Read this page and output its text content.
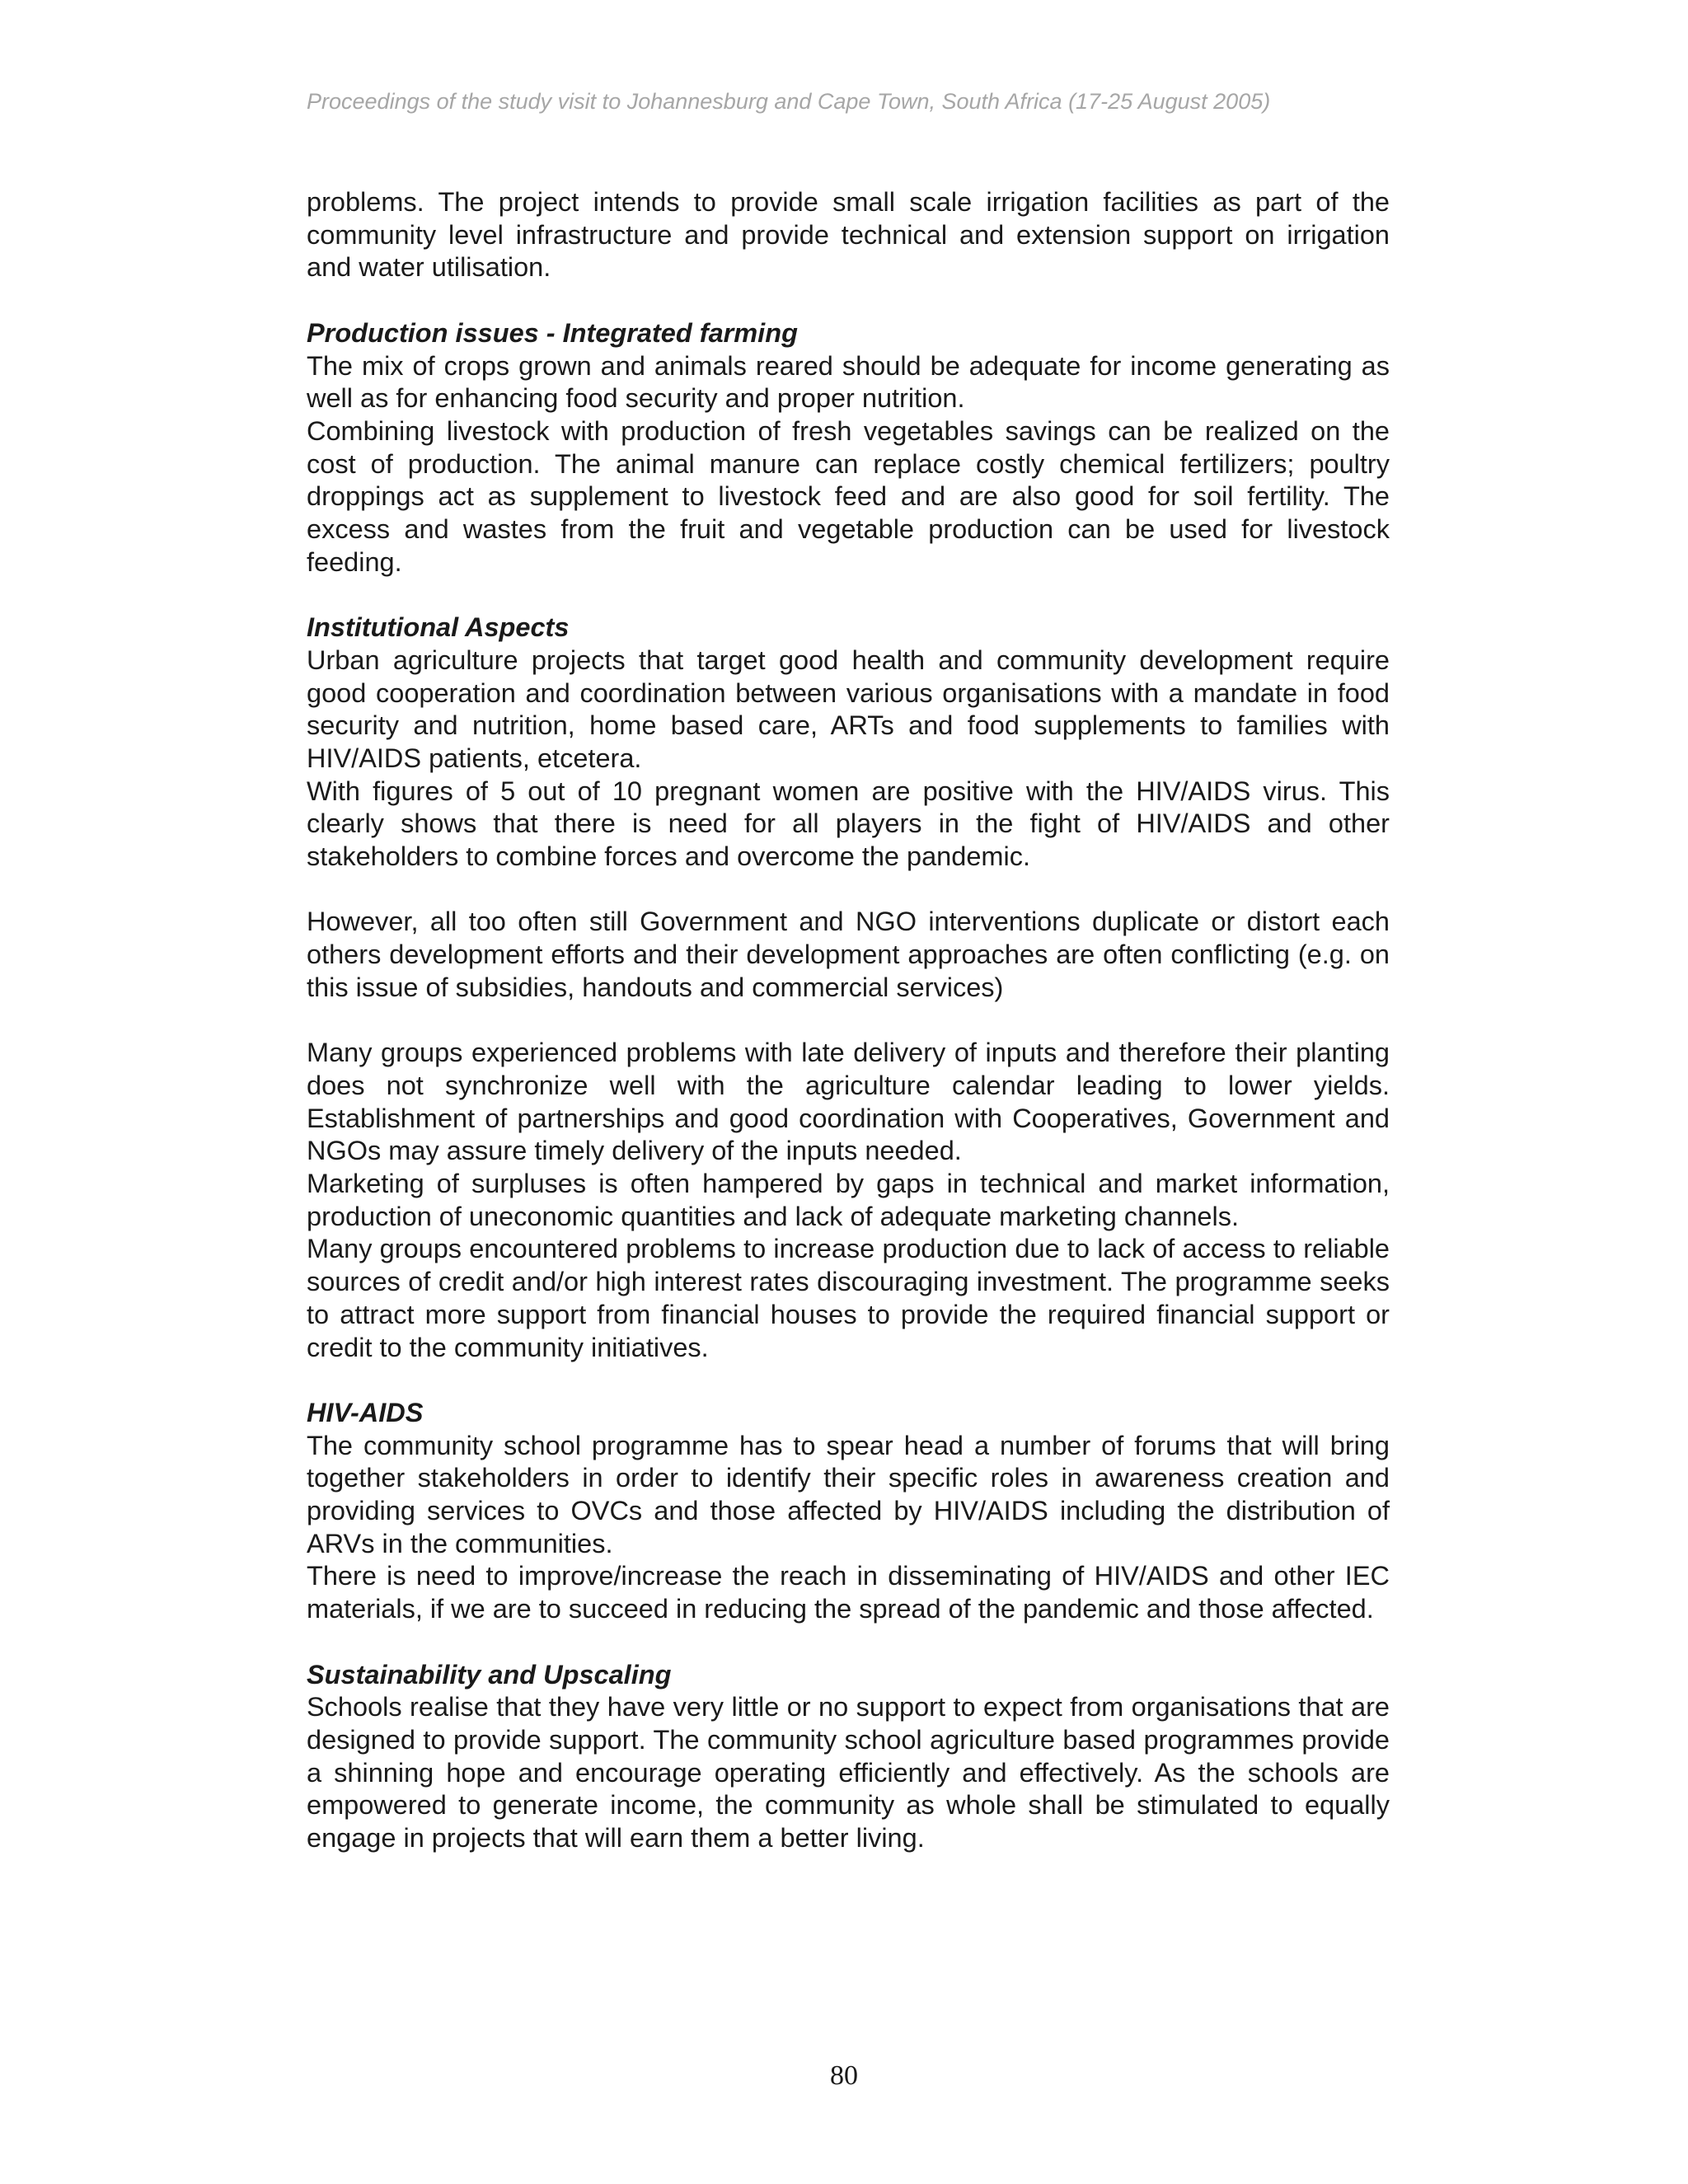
Proceedings of the study visit to Johannesburg and Cape Town, South Africa (17-25 August 2005)

problems. The project intends to provide small scale irrigation facilities as part of the community level infrastructure and provide technical and extension support on irrigation and water utilisation.

Production issues - Integrated farming

The mix of crops grown and animals reared should be adequate for income generating as well as for enhancing food security and proper nutrition.

Combining livestock with production of fresh vegetables savings can be realized on the cost of production. The animal manure can replace costly chemical fertilizers; poultry droppings act as supplement to livestock feed and are also good for soil fertility. The excess and wastes from the fruit and vegetable production can be used for livestock feeding.

Institutional Aspects

Urban agriculture projects that target good health and community development require good cooperation and coordination between various organisations with a mandate in food security and nutrition, home based care, ARTs and food supplements to families with HIV/AIDS patients, etcetera.

With figures of 5 out of 10 pregnant women are positive with the HIV/AIDS virus. This clearly shows that there is need for all players in the fight of HIV/AIDS and other stakeholders to combine forces and overcome the pandemic.

However, all too often still Government and NGO interventions duplicate or distort each others development efforts and their development approaches are often conflicting (e.g. on this issue of subsidies, handouts and commercial services)

Many groups experienced problems with late delivery of inputs and therefore their planting does not synchronize well with the agriculture calendar leading to lower yields. Establishment of partnerships and good coordination with Cooperatives, Government and NGOs may assure timely delivery of the inputs needed.

Marketing of surpluses is often hampered by gaps in technical and market information, production of uneconomic quantities and lack of adequate marketing channels.

Many groups encountered problems to increase production due to lack of access to reliable sources of credit and/or high interest rates discouraging investment. The programme seeks to attract more support from financial houses to provide the required financial support or credit to the community initiatives.

HIV-AIDS

The community school programme has to spear head a number of forums that will bring together stakeholders in order to identify their specific roles in awareness creation and providing services to OVCs and those affected by HIV/AIDS including the distribution of ARVs in the communities.

There is need to improve/increase the reach in disseminating of HIV/AIDS and other IEC materials, if we are to succeed in reducing the spread of the pandemic and those affected.

Sustainability and Upscaling

Schools realise that they have very little or no support to expect from organisations that are designed to provide support. The community school agriculture based programmes provide a shinning hope and encourage operating efficiently and effectively. As the schools are empowered to generate income, the community as whole shall be stimulated to equally engage in projects that will earn them a better living.

80
